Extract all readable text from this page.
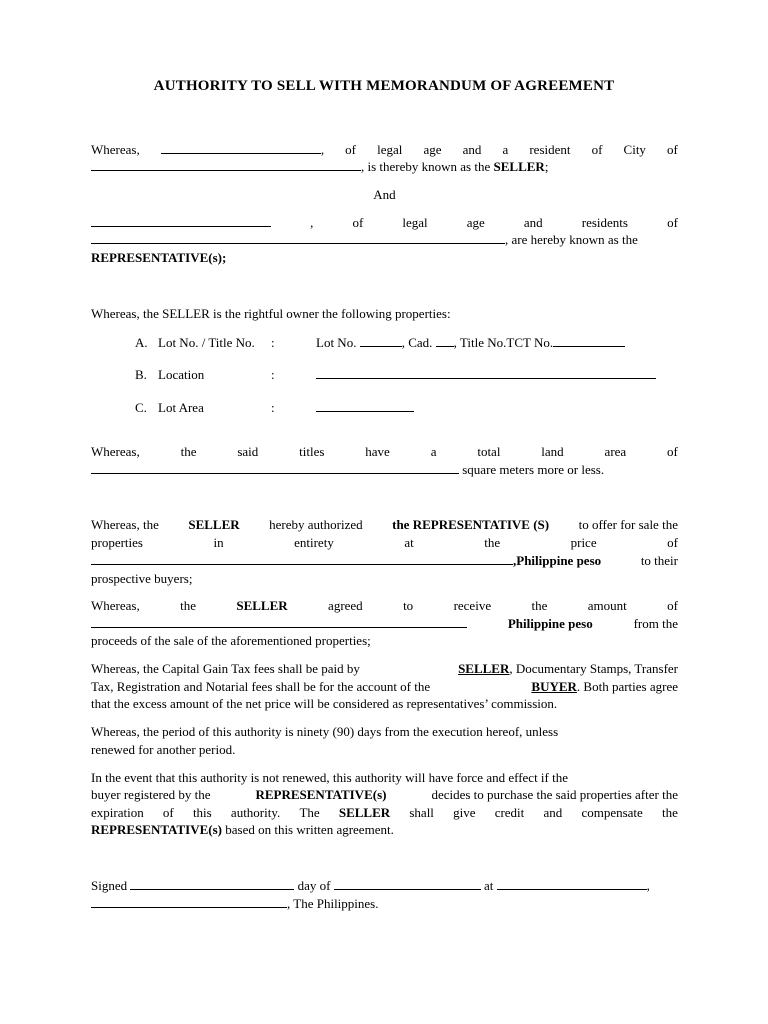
AUTHORITY TO SELL WITH MEMORANDUM OF AGREEMENT
Whereas,	, of legal age and a resident of City of
, is thereby known as the SELLER;
And
,	of	legal	age	and	residents	of
, are hereby known as the
REPRESENTATIVE(s);
Whereas, the SELLER is the rightful owner the following properties:
A. Lot No. / Title No. :	Lot No.	, Cad. , Title No.TCT No.
B. Location	:
C. Lot Area	:
Whereas,	the	said	titles	have	a	total	land	area	of
square meters more or less.
Whereas, the SELLER hereby authorized the REPRESENTATIVE (S) to offer for sale the
properties	in	entirety	at	the	price	of
, Philippine peso	to their
prospective buyers;
Whereas,	the	SELLER	agreed	to	receive	the	amount	of
Philippine peso	from the
proceeds of the sale of the aforementioned properties;
Whereas, the Capital Gain Tax fees shall be paid by	SELLER , Documentary Stamps, Transfer
Tax, Registration and Notarial fees shall be for the account of the	BUYER . Both parties agree
that the excess amount of the net price will be considered as representatives’ commission.
Whereas, the period of this authority is ninety (90) days from the execution hereof, unless
renewed for another period.
In the event that this authority is not renewed, this authority will have force and effect if the
buyer registered by the	REPRESENTATIVE(s)	decides to purchase the said properties after the
expiration of this authority. The SELLER shall give credit and compensate the
REPRESENTATIVE(s) based on this written agreement.
Signed	day of	at	,
, The Philippines.
